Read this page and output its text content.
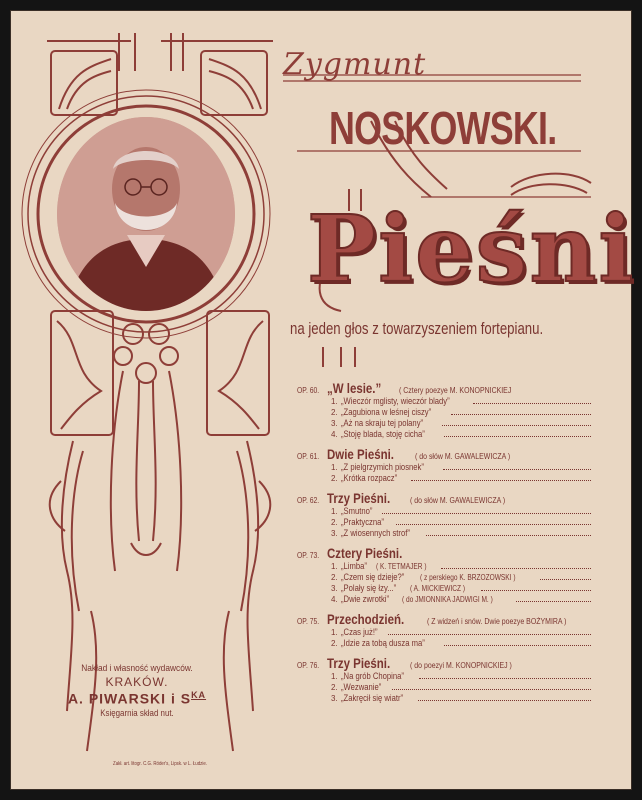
Zygmunt
NOSKOWSKI.
Pieśni
na jeden głos z towarzyszeniem fortepianu.
OP. 60. „W lesie.” ( Cztery poezye M. KONOPNICKIEJ
1. „Wieczór mglisty, wieczór blady”
2. „Zagubiona w leśnej ciszy”
3. „Aż na skraju tej polany”
4. „Stoję blada, stoję cicha”
OP. 61. Dwie Pieśni. ( do słów M. GAWALEWICZA )
1. „Z pielgrzymich piosnek”
2. „Krótka rozpacz”
OP. 62. Trzy Pieśni. ( do słów M. GAWALEWICZA )
1. „Smutno”
2. „Praktyczna”
3. „Z wiosennych strof”
OP. 73. Cztery Pieśni.
1. „Limba” ( K. TETMAJER )
2. „Czem się dzieje?” ( z perskiego K. BRZOZOWSKI )
3. „Polały się łzy...” ( A. MICKIEWICZ )
4. „Dwie zwrotki” ( do JMIONNIKA JADWIGI M. )
OP. 75. Przechodzień.	( Z widzeń i snów. Dwie poezye BOŻYMIRA )
1. „Czas już!”
2. „Idzie za tobą dusza ma”
OP. 76. Trzy Pieśni. ( do poezyi M. KONOPNICKIEJ )
1. „Na grób Chopina”
2. „Wezwanie”
3. „Zakręcił się wiatr”
Nakład i własność wydawców.
KRAKÓW.
A. PIWARSKI i $S^{KA}$
Księgarnia skład nut.
Zakł. art. litogr. C.G. Röder's, Lipsk. w L. Łudzie.
